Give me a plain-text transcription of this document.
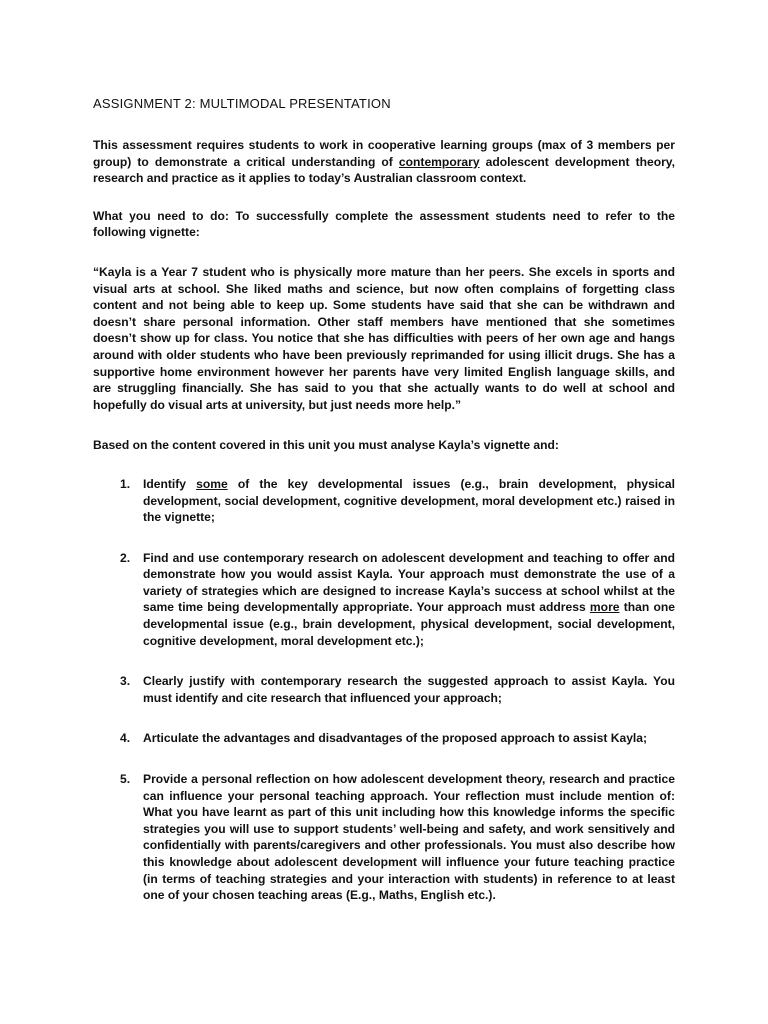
ASSIGNMENT 2: MULTIMODAL PRESENTATION

This assessment requires students to work in cooperative learning groups (max of 3 members per group) to demonstrate a critical understanding of contemporary adolescent development theory, research and practice as it applies to today’s Australian classroom context.

What you need to do: To successfully complete the assessment students need to refer to the following vignette:

“Kayla is a Year 7 student who is physically more mature than her peers. She excels in sports and visual arts at school. She liked maths and science, but now often complains of forgetting class content and not being able to keep up. Some students have said that she can be withdrawn and doesn’t share personal information. Other staff members have mentioned that she sometimes doesn’t show up for class. You notice that she has difficulties with peers of her own age and hangs around with older students who have been previously reprimanded for using illicit drugs. She has a supportive home environment however her parents have very limited English language skills, and are struggling financially. She has said to you that she actually wants to do well at school and hopefully do visual arts at university, but just needs more help.”

Based on the content covered in this unit you must analyse Kayla’s vignette and:

1. Identify some of the key developmental issues (e.g., brain development, physical development, social development, cognitive development, moral development etc.) raised in the vignette;
2. Find and use contemporary research on adolescent development and teaching to offer and demonstrate how you would assist Kayla. Your approach must demonstrate the use of a variety of strategies which are designed to increase Kayla’s success at school whilst at the same time being developmentally appropriate. Your approach must address more than one developmental issue (e.g., brain development, physical development, social development, cognitive development, moral development etc.);
3. Clearly justify with contemporary research the suggested approach to assist Kayla. You must identify and cite research that influenced your approach;
4. Articulate the advantages and disadvantages of the proposed approach to assist Kayla;
5. Provide a personal reflection on how adolescent development theory, research and practice can influence your personal teaching approach. Your reflection must include mention of: What you have learnt as part of this unit including how this knowledge informs the specific strategies you will use to support students’ well-being and safety, and work sensitively and confidentially with parents/caregivers and other professionals. You must also describe how this knowledge about adolescent development will influence your future teaching practice (in terms of teaching strategies and your interaction with students) in reference to at least one of your chosen teaching areas (E.g., Maths, English etc.).
